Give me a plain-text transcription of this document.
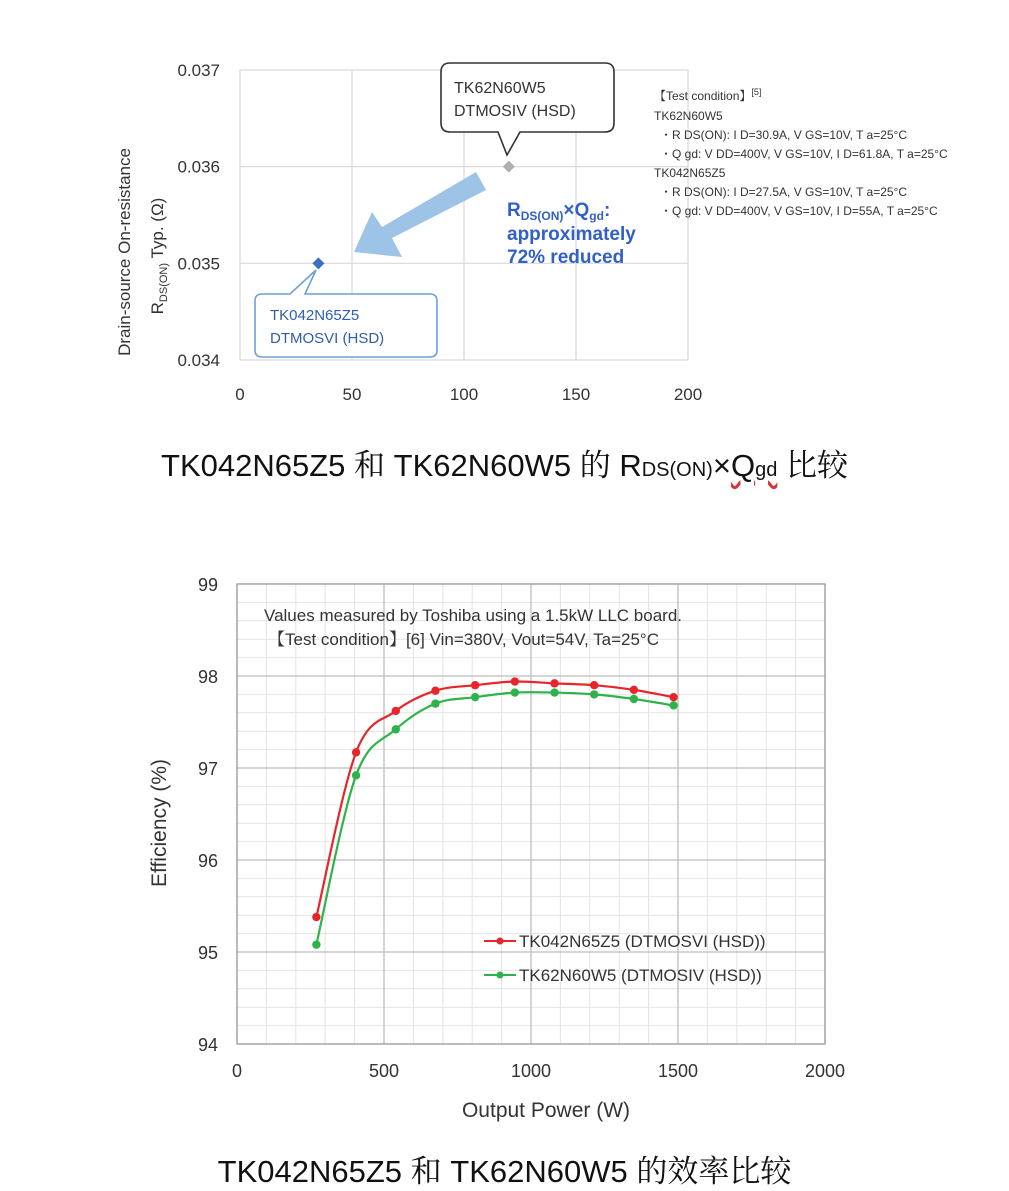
0.034
0.035
0.036
0.037
0	50	100	150	200
Drain-source On-resistance $R_{DS(ON)}$ Typ. (Ω)
TK62N60W5
DTMOSIV (HSD)
TK042N65Z5
DTMOSVI (HSD)
$R_{DS(ON)}\times Q_{gd}$:
approximately
72% reduced
【Test condition】[5]
TK62N60W5
・R DS(ON): I D=30.9A, V GS=10V, T a=25°C
・Q gd: V DD=400V, V GS=10V, I D=61.8A, T a=25°C
TK042N65Z5
・R DS(ON): I D=27.5A, V GS=10V, T a=25°C
・Q gd: V DD=400V, V GS=10V, I D=55A, T a=25°C
TK042N65Z5 和 TK62N60W5 的 RDS(ON)×Qgd 比较
94
95
96
97
98
99
0	500	1000	1500	2000
Efficiency (%)
Output Power (W)
Values measured by Toshiba using a 1.5kW LLC board.
【Test condition】[6] Vin=380V, Vout=54V, Ta=25°C
TK042N65Z5 (DTMOSVI (HSD))
TK62N60W5 (DTMOSIV (HSD))
TK042N65Z5 和 TK62N60W5 的效率比较
